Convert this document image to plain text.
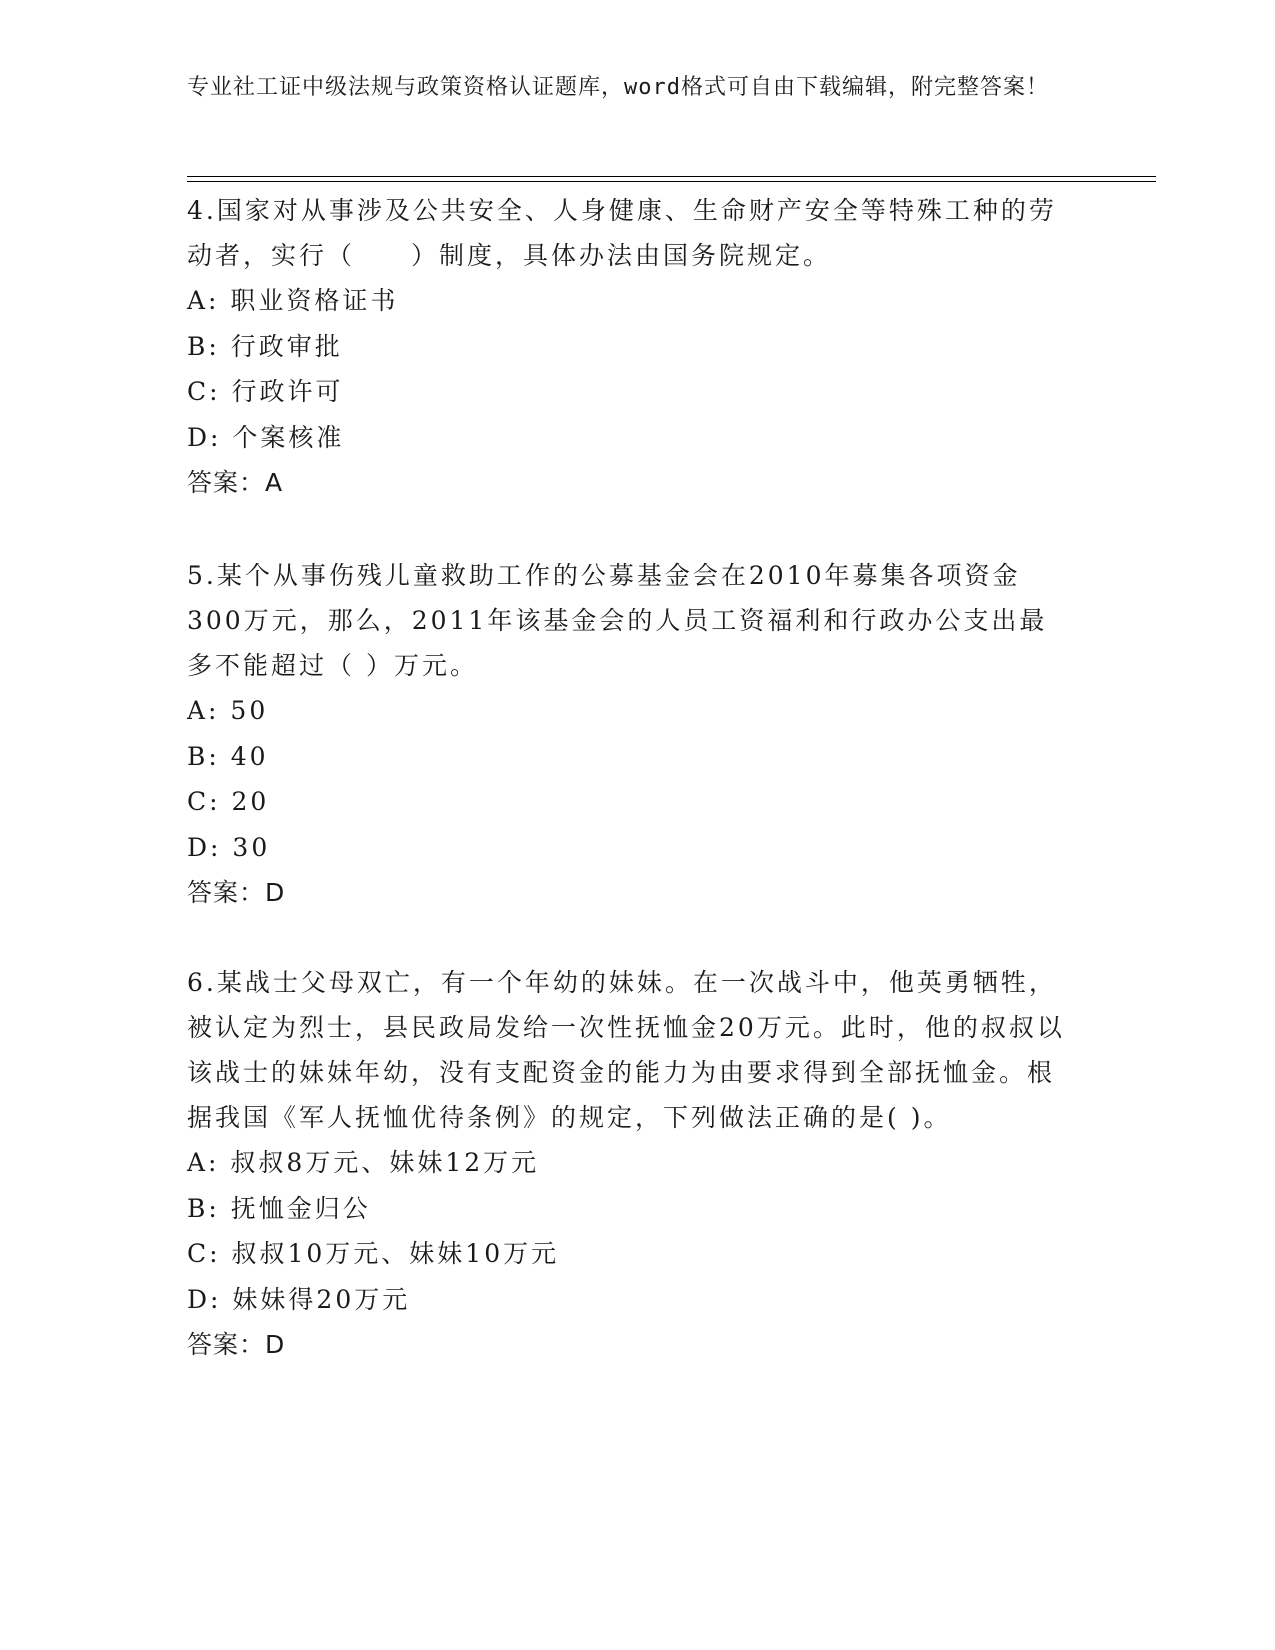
专业社工证中级法规与政策资格认证题库，word格式可自由下载编辑，附完整答案！

4.国家对从事涉及公共安全、人身健康、生命财产安全等特殊工种的劳动者，实行（　　）制度，具体办法由国务院规定。

A: 职业资格证书

B: 行政审批

C: 行政许可

D: 个案核准

答案：A

5.某个从事伤残儿童救助工作的公募基金会在2010年募集各项资金300万元，那么，2011年该基金会的人员工资福利和行政办公支出最多不能超过（ ）万元。

A: 50

B: 40

C: 20

D: 30

答案：D

6.某战士父母双亡，有一个年幼的妹妹。在一次战斗中，他英勇牺牲，被认定为烈士，县民政局发给一次性抚恤金20万元。此时，他的叔叔以该战士的妹妹年幼，没有支配资金的能力为由要求得到全部抚恤金。根据我国《军人抚恤优待条例》的规定，下列做法正确的是( )。

A: 叔叔8万元、妹妹12万元

B: 抚恤金归公

C: 叔叔10万元、妹妹10万元

D: 妹妹得20万元

答案：D
